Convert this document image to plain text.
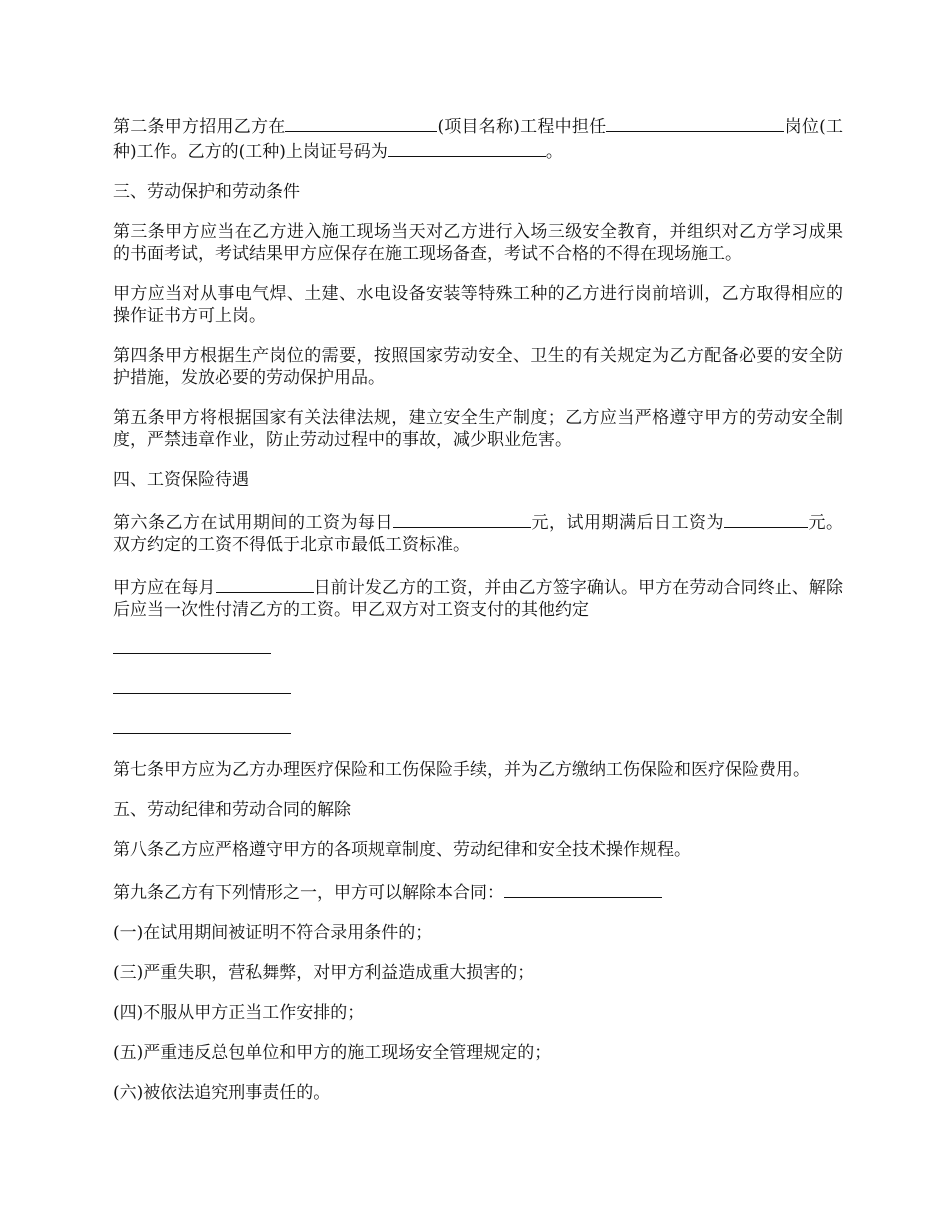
第二条甲方招用乙方在	(项目名称)工程中担任	岗位(工种)工作。乙方的(工种)上岗证号码为	。

三、劳动保护和劳动条件

第三条甲方应当在乙方进入施工现场当天对乙方进行入场三级安全教育，并组织对乙方学习成果的书面考试，考试结果甲方应保存在施工现场备查，考试不合格的不得在现场施工。

甲方应当对从事电气焊、土建、水电设备安装等特殊工种的乙方进行岗前培训，乙方取得相应的操作证书方可上岗。

第四条甲方根据生产岗位的需要，按照国家劳动安全、卫生的有关规定为乙方配备必要的安全防护措施，发放必要的劳动保护用品。

第五条甲方将根据国家有关法律法规，建立安全生产制度；乙方应当严格遵守甲方的劳动安全制度，严禁违章作业，防止劳动过程中的事故，减少职业危害。

四、工资保险待遇

第六条乙方在试用期间的工资为每日	元，试用期满后日工资为	元。双方约定的工资不得低于北京市最低工资标准。

甲方应在每月	日前计发乙方的工资，并由乙方签字确认。甲方在劳动合同终止、解除后应当一次性付清乙方的工资。甲乙双方对工资支付的其他约定

第七条甲方应为乙方办理医疗保险和工伤保险手续，并为乙方缴纳工伤保险和医疗保险费用。

五、劳动纪律和劳动合同的解除

第八条乙方应严格遵守甲方的各项规章制度、劳动纪律和安全技术操作规程。

第九条乙方有下列情形之一，甲方可以解除本合同：

(一)在试用期间被证明不符合录用条件的；

(三)严重失职，营私舞弊，对甲方利益造成重大损害的；

(四)不服从甲方正当工作安排的；

(五)严重违反总包单位和甲方的施工现场安全管理规定的；

(六)被依法追究刑事责任的。
